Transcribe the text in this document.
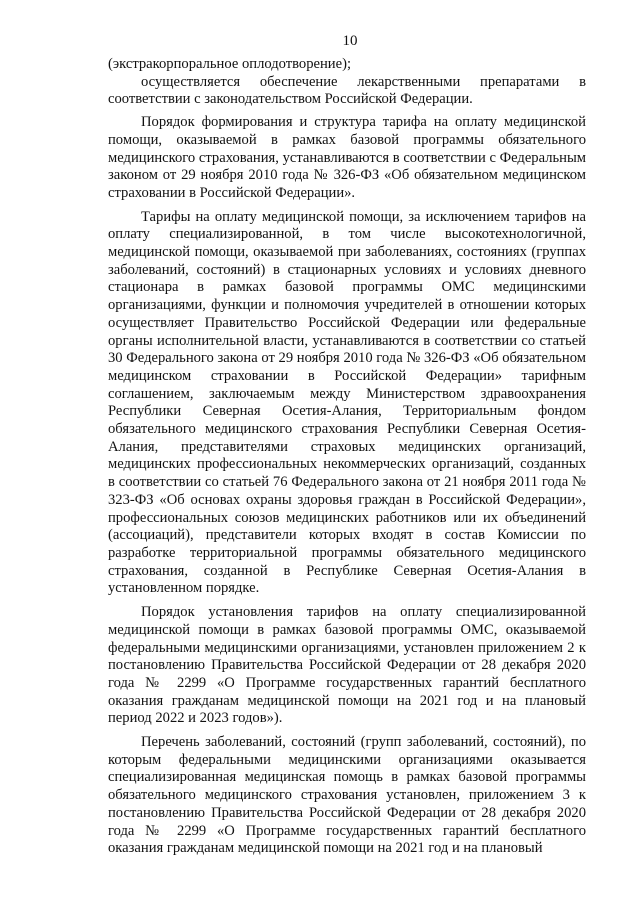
10

(экстракорпоральное оплодотворение);

осуществляется обеспечение лекарственными препаратами в соответствии с законодательством Российской Федерации.

Порядок формирования и структура тарифа на оплату медицинской помощи, оказываемой в рамках базовой программы обязательного медицинского страхования, устанавливаются в соответствии с Федеральным законом от 29 ноября 2010 года № 326-ФЗ «Об обязательном медицинском страховании в Российской Федерации».

Тарифы на оплату медицинской помощи, за исключением тарифов на оплату специализированной, в том числе высокотехнологичной, медицинской помощи, оказываемой при заболеваниях, состояниях (группах заболеваний, состояний) в стационарных условиях и условиях дневного стационара в рамках базовой программы ОМС медицинскими организациями, функции и полномочия учредителей в отношении которых осуществляет Правительство Российской Федерации или федеральные органы исполнительной власти, устанавливаются в соответствии со статьей 30 Федерального закона от 29 ноября 2010 года № 326-ФЗ «Об обязательном медицинском страховании в Российской Федерации» тарифным соглашением, заключаемым между Министерством здравоохранения Республики Северная Осетия-Алания, Территориальным фондом обязательного медицинского страхования Республики Северная Осетия-Алания, представителями страховых медицинских организаций, медицинских профессиональных некоммерческих организаций, созданных в соответствии со статьей 76 Федерального закона от 21 ноября 2011 года № 323-ФЗ «Об основах охраны здоровья граждан в Российской Федерации», профессиональных союзов медицинских работников или их объединений (ассоциаций), представители которых входят в состав Комиссии по разработке территориальной программы обязательного медицинского страхования, созданной в Республике Северная Осетия-Алания в установленном порядке.

Порядок установления тарифов на оплату специализированной медицинской помощи в рамках базовой программы ОМС, оказываемой федеральными медицинскими организациями, установлен приложением 2 к постановлению Правительства Российской Федерации от 28 декабря 2020 года № 2299 «О Программе государственных гарантий бесплатного оказания гражданам медицинской помощи на 2021 год и на плановый период 2022 и 2023 годов»).

Перечень заболеваний, состояний (групп заболеваний, состояний), по которым федеральными медицинскими организациями оказывается специализированная медицинская помощь в рамках базовой программы обязательного медицинского страхования установлен, приложением 3 к постановлению Правительства Российской Федерации от 28 декабря 2020 года № 2299 «О Программе государственных гарантий бесплатного оказания гражданам медицинской помощи на 2021 год и на плановый
